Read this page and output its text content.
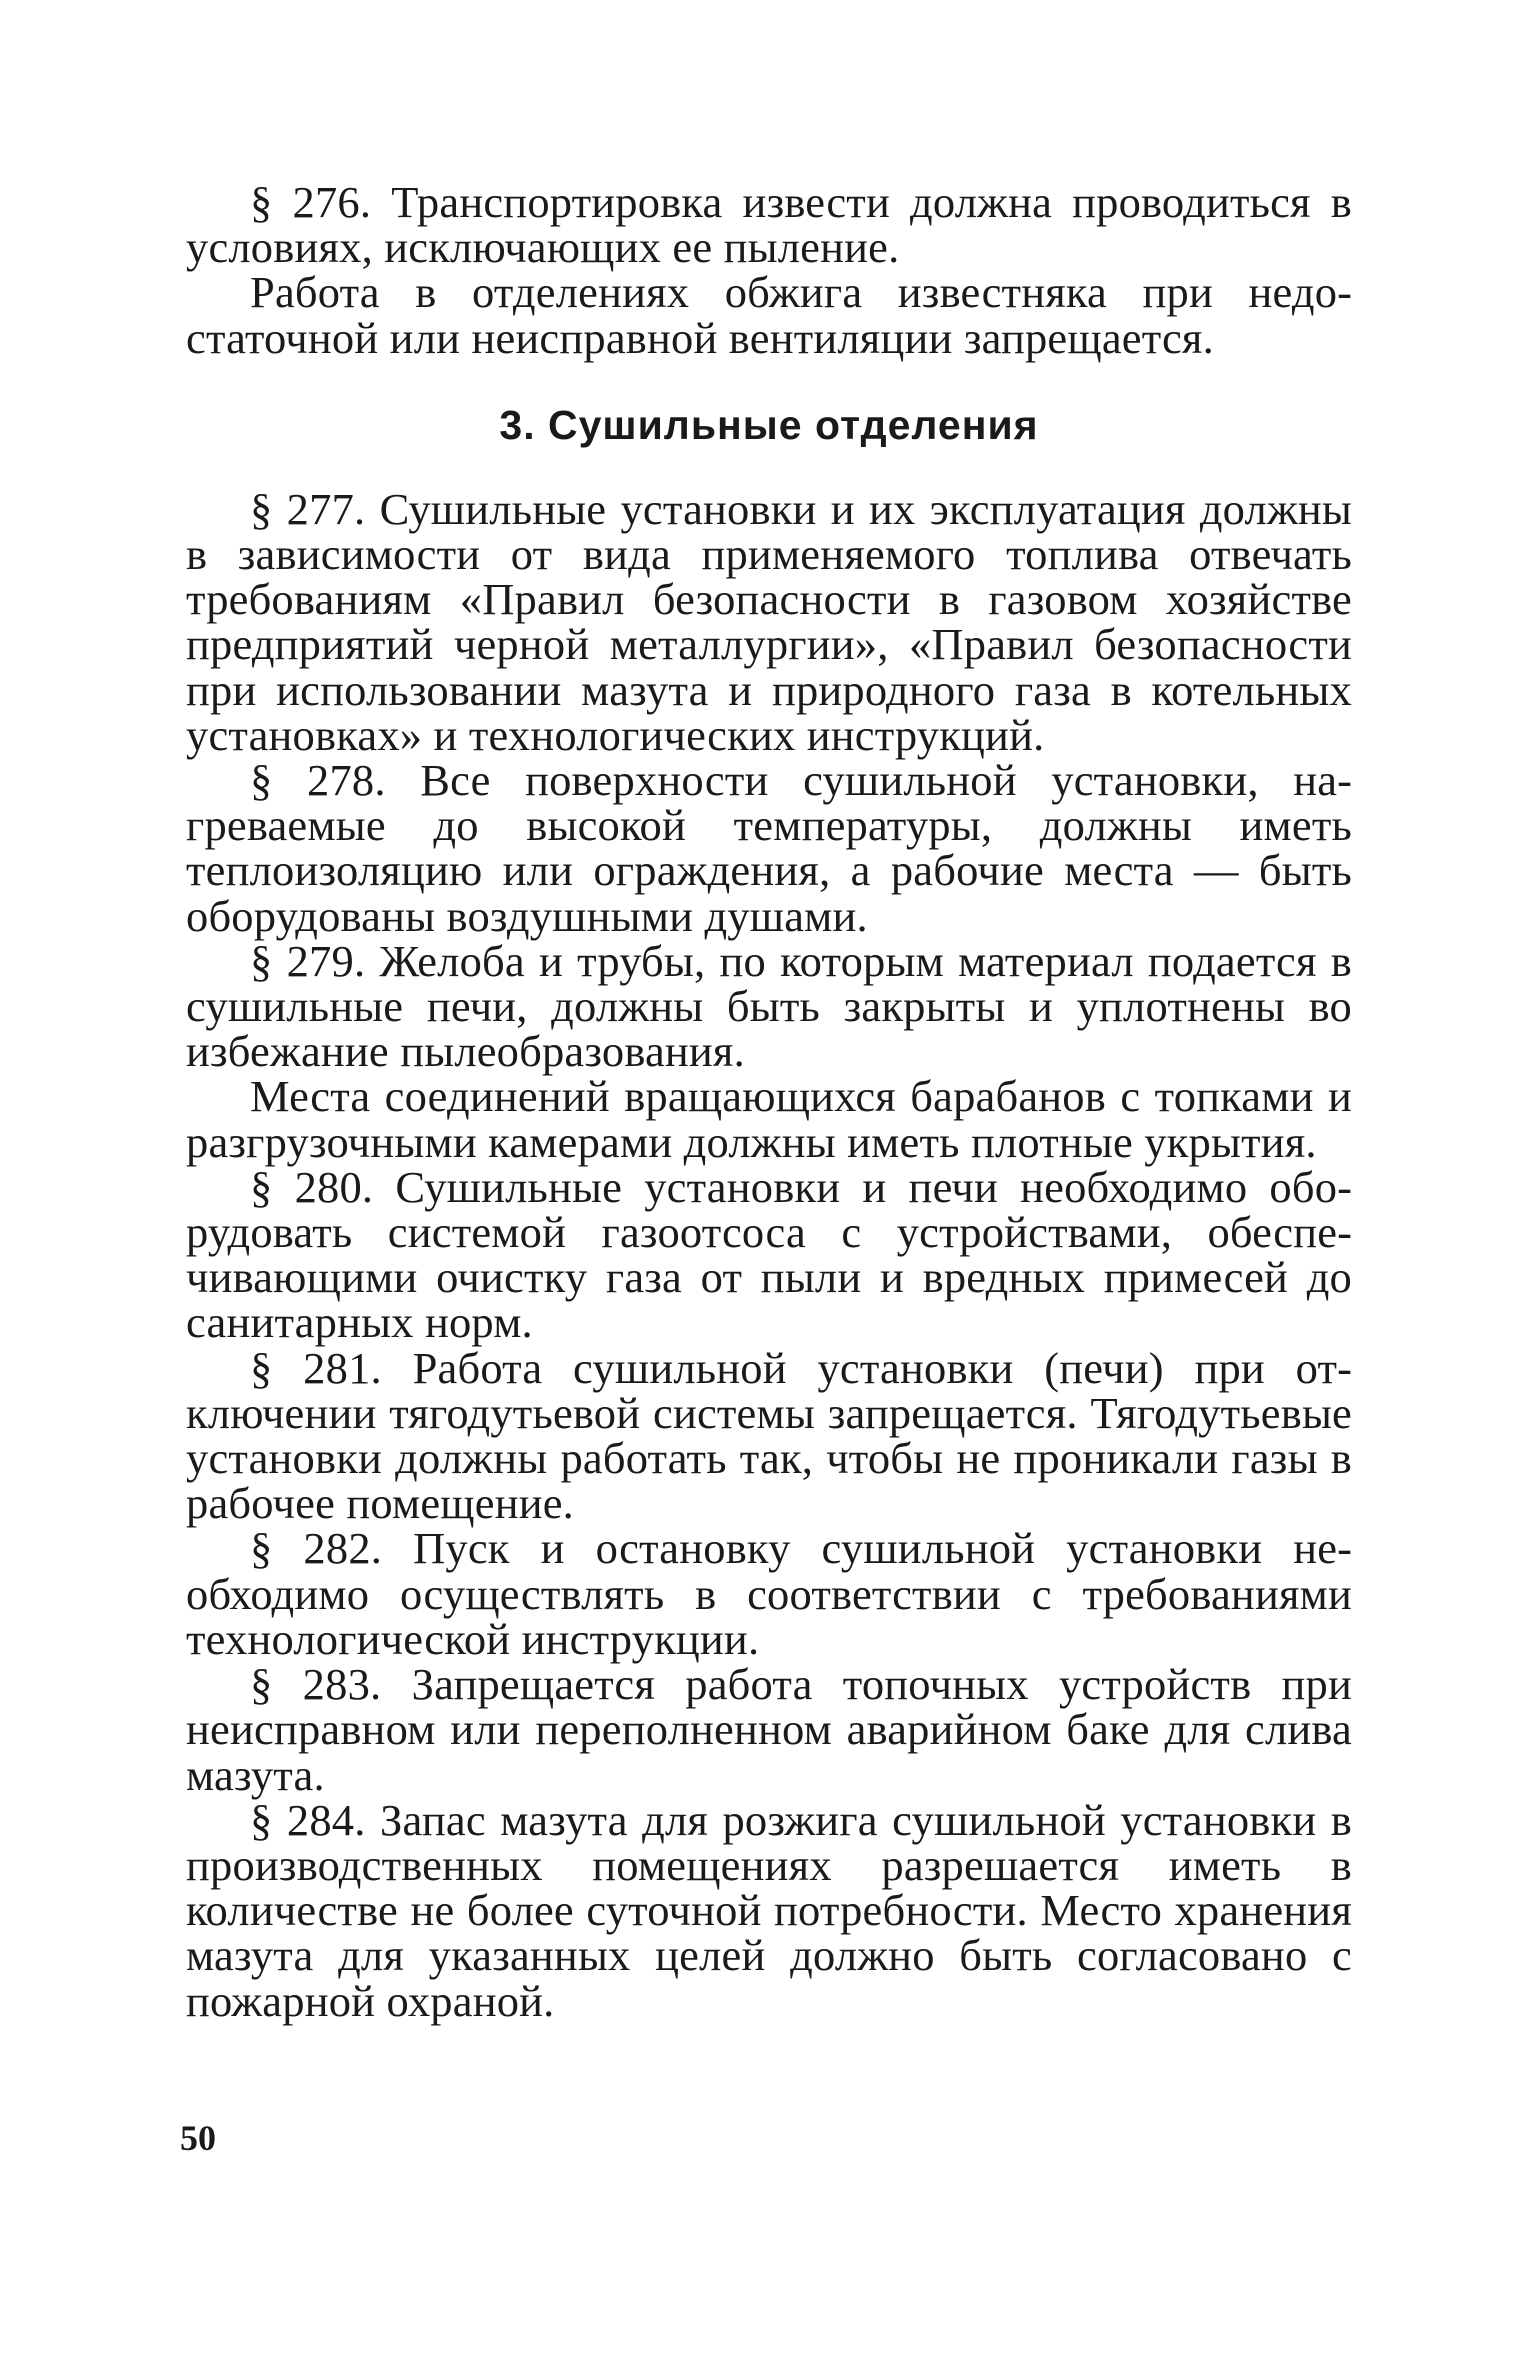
§ 276. Транспортировка извести должна проводиться в условиях, исключающих ее пыление.

Работа в отделениях обжига известняка при недостаточной или неисправной вентиляции запрещается.

3. Сушильные отделения

§ 277. Сушильные установки и их эксплуатация должны в зависимости от вида применяемого топлива отвечать требованиям «Правил безопасности в газовом хозяйстве предприятий черной металлургии», «Правил безопасности при использовании мазута и природного газа в котельных установках» и технологических инструкций.

§ 278. Все поверхности сушильной установки, нагреваемые до высокой температуры, должны иметь теплоизоляцию или ограждения, а рабочие места — быть оборудованы воздушными душами.

§ 279. Желоба и трубы, по которым материал подается в сушильные печи, должны быть закрыты и уплотнены во избежание пылеобразования.

Места соединений вращающихся барабанов с топками и разгрузочными камерами должны иметь плотные укрытия.

§ 280. Сушильные установки и печи необходимо оборудовать системой газоотсоса с устройствами, обеспечивающими очистку газа от пыли и вредных примесей до санитарных норм.

§ 281. Работа сушильной установки (печи) при отключении тягодутьевой системы запрещается. Тягодутьевые установки должны работать так, чтобы не проникали газы в рабочее помещение.

§ 282. Пуск и остановку сушильной установки необходимо осуществлять в соответствии с требованиями технологической инструкции.

§ 283. Запрещается работа топочных устройств при неисправном или переполненном аварийном баке для слива мазута.

§ 284. Запас мазута для розжига сушильной установки в производственных помещениях разрешается иметь в количестве не более суточной потребности. Место хранения мазута для указанных целей должно быть согласовано с пожарной охраной.

50
